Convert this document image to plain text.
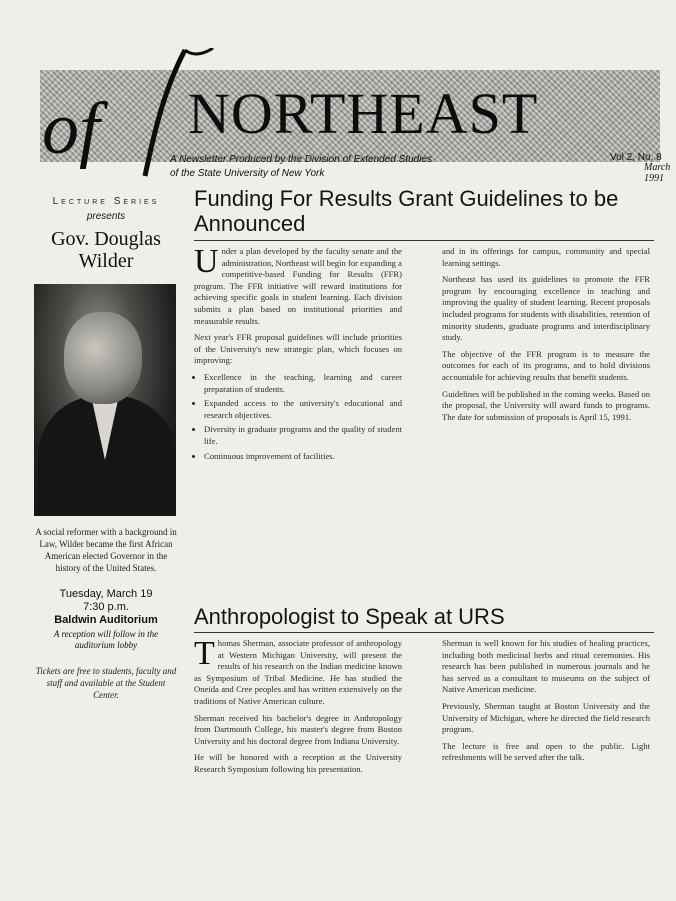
of NORTHEAST
A Newsletter Produced by the Division of Extended Studies
of the State University of New York
Vol 2, No. 8
March 1991
Lecture Series
presents
Gov. Douglas Wilder
A social reformer with a background in Law, Wilder became the first African American elected Governor in the history of the United States.
Tuesday, March 19
7:30 p.m.
Baldwin Auditorium
A reception will follow in the auditorium lobby
Tickets are free to students, faculty and staff and available at the Student Center.
Funding For Results Grant Guidelines to be Announced

Under a plan developed by the faculty senate and the administration, Northeast will begin for expanding a competitive-based Funding for Results (FFR) program. The FFR initiative will reward institutions for achieving specific goals in student learning. Each division submits a plan based on institutional priorities and measurable results.

Next year's FFR proposal guidelines will include priorities of the University's new strategic plan, which focuses on improving:

• Excellence in the teaching, learning and career preparation of students.
• Expanded access to the university's educational and research objectives.
• Diversity in graduate programs and the quality of student life.
• Continuous improvement of facilities.

and in its offerings for campus, community and special learning settings.

Northeast has used its guidelines to promote the FFR program by encouraging excellence in teaching and improving the quality of student learning. Recent proposals included programs for students with disabilities, retention of minority students, graduate programs and interdisciplinary study.

The objective of the FFR program is to measure the outcomes for each of its programs, and to hold divisions accountable for achieving results that benefit students.

Guidelines will be published in the coming weeks. Based on the proposal, the University will award funds to programs. The date for submission of proposals is April 15, 1991.

Anthropologist to Speak at URS

Thomas Sherman, associate professor of anthropology at Western Michigan University, will present the results of his research on the Indian medicine known as Symposium of Tribal Medicine. He has studied the Oneida and Cree peoples and has written extensively on the traditions of Native American culture.

Sherman received his bachelor's degree in Anthropology from Dartmouth College, his master's degree from Boston University and his doctoral degree from Indiana University.

He will be honored with a reception at the University Research Symposium following his presentation.

Sherman is well known for his studies of healing practices, including both medicinal herbs and ritual ceremonies. His research has been published in numerous journals and he has served as a consultant to museums on the subject of Native American medicine.

Previously, Sherman taught at Boston University and the University of Michigan, where he directed the field research program.

The lecture is free and open to the public. Light refreshments will be served after the talk.
